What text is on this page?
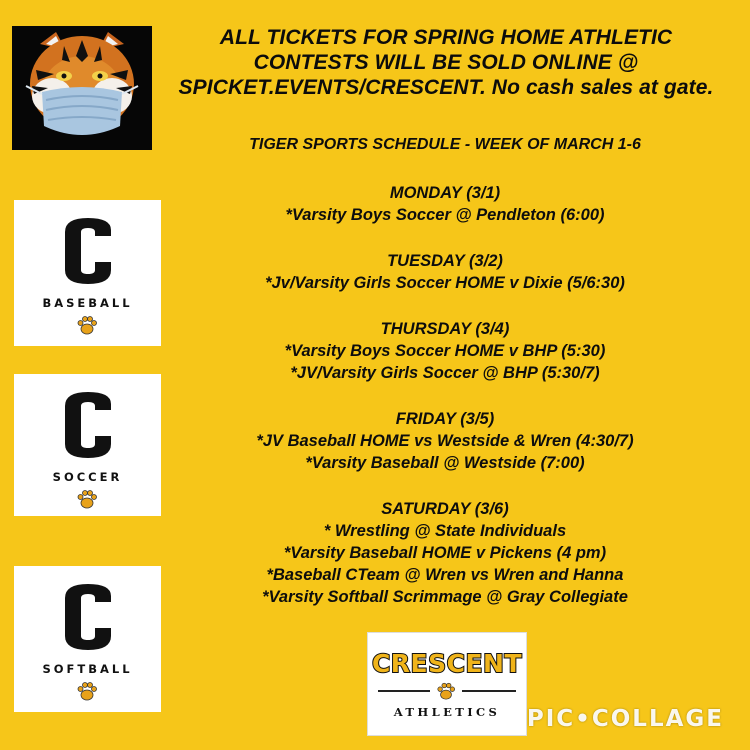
ALL TICKETS FOR SPRING HOME ATHLETIC
CONTESTS WILL BE SOLD ONLINE @
SPICKET.EVENTS/CRESCENT. No cash sales at gate.
TIGER SPORTS SCHEDULE - WEEK OF MARCH 1-6
MONDAY (3/1)
*Varsity Boys Soccer @ Pendleton (6:00)
TUESDAY (3/2)
*Jv/Varsity Girls Soccer HOME v Dixie (5/6:30)
THURSDAY (3/4)
*Varsity Boys Soccer HOME v BHP (5:30)
*JV/Varsity Girls Soccer @ BHP (5:30/7)
FRIDAY (3/5)
*JV Baseball HOME vs Westside & Wren (4:30/7)
*Varsity Baseball @ Westside (7:00)
SATURDAY (3/6)
* Wrestling @ State Individuals
*Varsity Baseball HOME v Pickens (4 pm)
*Baseball CTeam @ Wren vs Wren and Hanna
*Varsity Softball Scrimmage @ Gray Collegiate
BASEBALL
SOCCER
SOFTBALL	CRESCENT
ATHLETICS	PIC•COLLAGE
